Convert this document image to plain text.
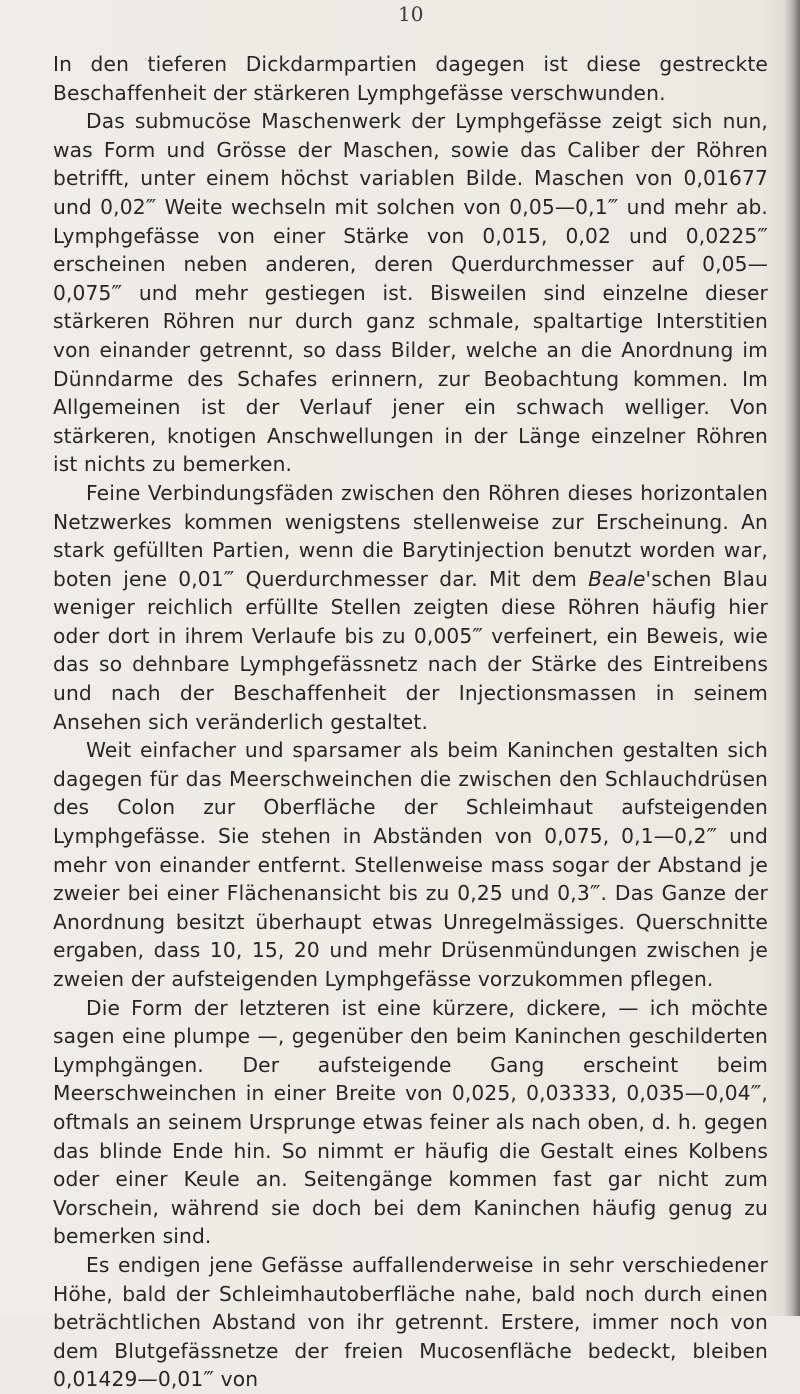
10

In den tieferen Dickdarmpartien dagegen ist diese gestreckte Beschaffenheit der stärkeren Lymphgefässe verschwunden.

Das submucöse Maschenwerk der Lymphgefässe zeigt sich nun, was Form und Grösse der Maschen, sowie das Caliber der Röhren betrifft, unter einem höchst variablen Bilde. Maschen von 0,01677 und 0,02‴ Weite wechseln mit solchen von 0,05—0,1‴ und mehr ab. Lymphgefässe von einer Stärke von 0,015, 0,02 und 0,0225‴ erscheinen neben anderen, deren Querdurchmesser auf 0,05—0,075‴ und mehr gestiegen ist. Bisweilen sind einzelne dieser stärkeren Röhren nur durch ganz schmale, spaltartige Interstitien von einander getrennt, so dass Bilder, welche an die Anordnung im Dünndarme des Schafes erinnern, zur Beobachtung kommen. Im Allgemeinen ist der Verlauf jener ein schwach welliger. Von stärkeren, knotigen Anschwellungen in der Länge einzelner Röhren ist nichts zu bemerken.

Feine Verbindungsfäden zwischen den Röhren dieses horizontalen Netzwerkes kommen wenigstens stellenweise zur Erscheinung. An stark gefüllten Partien, wenn die Barytinjection benutzt worden war, boten jene 0,01‴ Querdurchmesser dar. Mit dem Beale'schen Blau weniger reichlich erfüllte Stellen zeigten diese Röhren häufig hier oder dort in ihrem Verlaufe bis zu 0,005‴ verfeinert, ein Beweis, wie das so dehnbare Lymphgefässnetz nach der Stärke des Eintreibens und nach der Beschaffenheit der Injectionsmassen in seinem Ansehen sich veränderlich gestaltet.

Weit einfacher und sparsamer als beim Kaninchen gestalten sich dagegen für das Meerschweinchen die zwischen den Schlauchdrüsen des Colon zur Oberfläche der Schleimhaut aufsteigenden Lymphgefässe. Sie stehen in Abständen von 0,075, 0,1—0,2‴ und mehr von einander entfernt. Stellenweise mass sogar der Abstand je zweier bei einer Flächenansicht bis zu 0,25 und 0,3‴. Das Ganze der Anordnung besitzt überhaupt etwas Unregelmässiges. Querschnitte ergaben, dass 10, 15, 20 und mehr Drüsenmündungen zwischen je zweien der aufsteigenden Lymphgefässe vorzukommen pflegen.

Die Form der letzteren ist eine kürzere, dickere, — ich möchte sagen eine plumpe —, gegenüber den beim Kaninchen geschilderten Lymphgängen. Der aufsteigende Gang erscheint beim Meerschweinchen in einer Breite von 0,025, 0,03333, 0,035—0,04‴, oftmals an seinem Ursprunge etwas feiner als nach oben, d. h. gegen das blinde Ende hin. So nimmt er häufig die Gestalt eines Kolbens oder einer Keule an. Seitengänge kommen fast gar nicht zum Vorschein, während sie doch bei dem Kaninchen häufig genug zu bemerken sind.

Es endigen jene Gefässe auffallenderweise in sehr verschiedener Höhe, bald der Schleimhautoberfläche nahe, bald noch durch einen beträchtlichen Abstand von ihr getrennt. Erstere, immer noch von dem Blutgefässnetze der freien Mucosenfläche bedeckt, bleiben 0,01429—0,01‴ von
